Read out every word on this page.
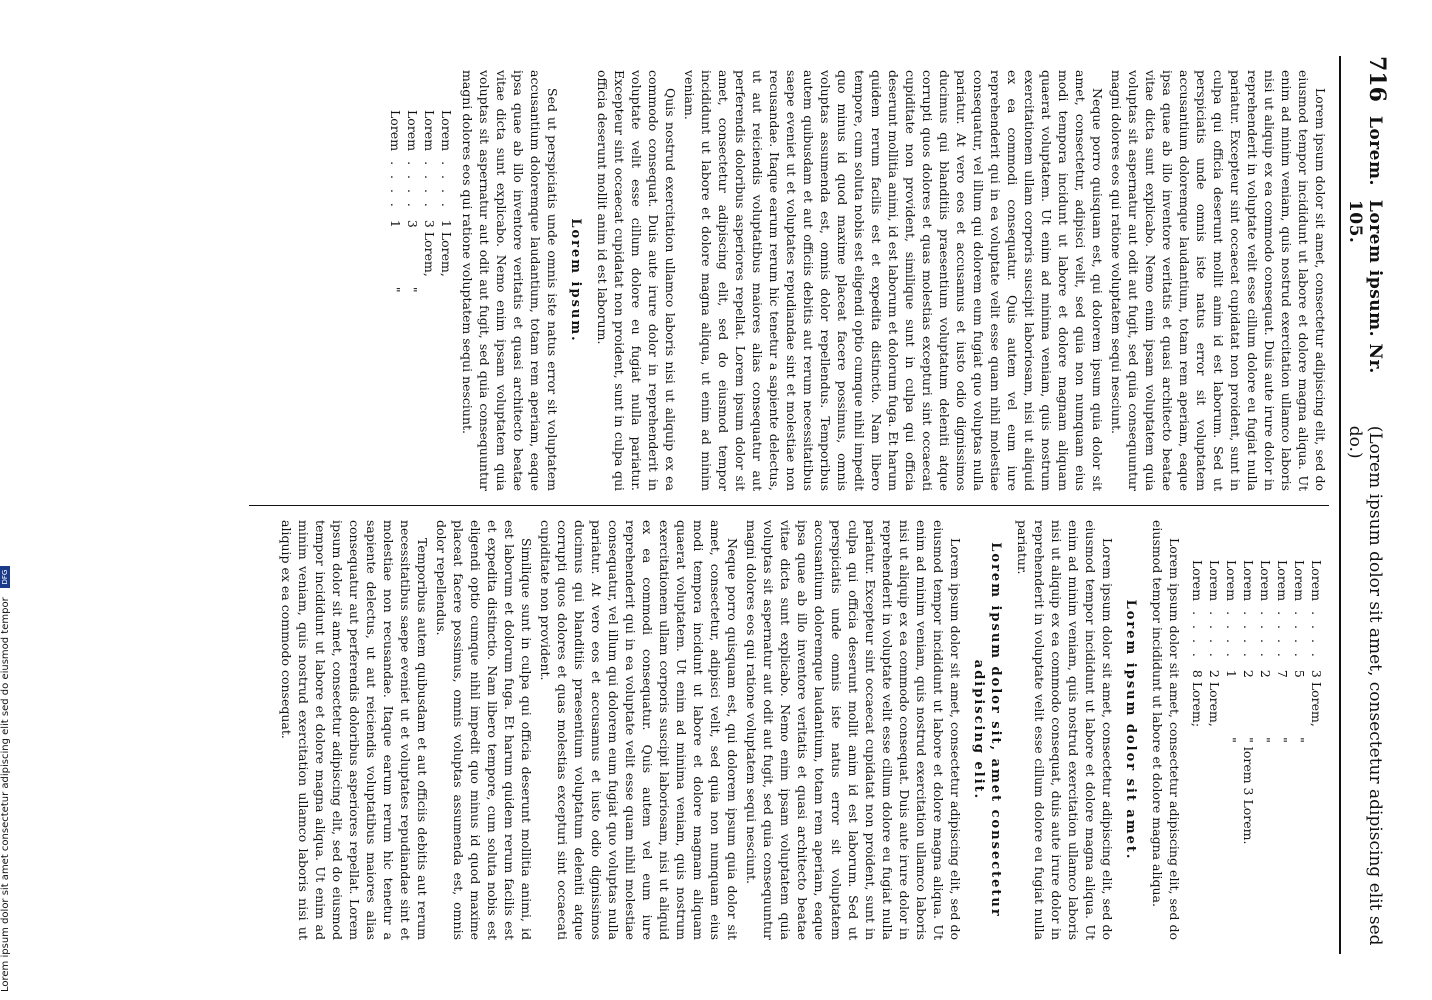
716
Lorem.
Lorem ipsum. Nr. 105.
(Lorem ipsum dolor sit amet, consectetur adipiscing elit sed do.)

Lorem ipsum dolor sit amet, consectetur adipiscing elit, sed do eiusmod tempor incididunt ut labore et dolore magna aliqua. Ut enim ad minim veniam, quis nostrud exercitation ullamco laboris nisi ut aliquip ex ea commodo consequat. Duis aute irure dolor in reprehenderit in voluptate velit esse cillum dolore eu fugiat nulla pariatur. Excepteur sint occaecat cupidatat non proident, sunt in culpa qui officia deserunt mollit anim id est laborum. Sed ut perspiciatis unde omnis iste natus error sit voluptatem accusantium doloremque laudantium, totam rem aperiam, eaque ipsa quae ab illo inventore veritatis et quasi architecto beatae vitae dicta sunt explicabo. Nemo enim ipsam voluptatem quia voluptas sit aspernatur aut odit aut fugit, sed quia consequuntur magni dolores eos qui ratione voluptatem sequi nesciunt.

Neque porro quisquam est, qui dolorem ipsum quia dolor sit amet, consectetur, adipisci velit, sed quia non numquam eius modi tempora incidunt ut labore et dolore magnam aliquam quaerat voluptatem. Ut enim ad minima veniam, quis nostrum exercitationem ullam corporis suscipit laboriosam, nisi ut aliquid ex ea commodi consequatur. Quis autem vel eum iure reprehenderit qui in ea voluptate velit esse quam nihil molestiae consequatur, vel illum qui dolorem eum fugiat quo voluptas nulla pariatur. At vero eos et accusamus et iusto odio dignissimos ducimus qui blanditiis praesentium voluptatum deleniti atque corrupti quos dolores et quas molestias excepturi sint occaecati cupiditate non provident, similique sunt in culpa qui officia deserunt mollitia animi, id est laborum et dolorum fuga. Et harum quidem rerum facilis est et expedita distinctio. Nam libero tempore, cum soluta nobis est eligendi optio cumque nihil impedit quo minus id quod maxime placeat facere possimus, omnis voluptas assumenda est, omnis dolor repellendus. Temporibus autem quibusdam et aut officiis debitis aut rerum necessitatibus saepe eveniet ut et voluptates repudiandae sint et molestiae non recusandae. Itaque earum rerum hic tenetur a sapiente delectus, ut aut reiciendis voluptatibus maiores alias consequatur aut perferendis doloribus asperiores repellat. Lorem ipsum dolor sit amet, consectetur adipiscing elit, sed do eiusmod tempor incididunt ut labore et dolore magna aliqua, ut enim ad minim veniam.

Quis nostrud exercitation ullamco laboris nisi ut aliquip ex ea commodo consequat. Duis aute irure dolor in reprehenderit in voluptate velit esse cillum dolore eu fugiat nulla pariatur. Excepteur sint occaecat cupidatat non proident, sunt in culpa qui officia deserunt mollit anim id est laborum.

Lorem ipsum.

Sed ut perspiciatis unde omnis iste natus error sit voluptatem accusantium doloremque laudantium, totam rem aperiam, eaque ipsa quae ab illo inventore veritatis et quasi architecto beatae vitae dicta sunt explicabo. Nemo enim ipsam voluptatem quia voluptas sit aspernatur aut odit aut fugit, sed quia consequuntur magni dolores eos qui ratione voluptatem sequi nesciunt.

Lorem	. . . .	1 Lorem,	
Lorem	. . . .	3 Lorem,	
Lorem	. . . .	3	"
Lorem	. . . .	1	"
Lorem	. . . .	3 Lorem,	
Lorem	. . . .	5	"
Lorem	. . . .	7	"
Lorem	. . . .	2	"
Lorem	. . . .	2	" lorem 3 Lorem.
Lorem	. . . .	1	"
Lorem	. . . .	2 Lorem,	
Lorem	. . . .	8 Lorem;	

Lorem ipsum dolor sit amet, consectetur adipiscing elit, sed do eiusmod tempor incididunt ut labore et dolore magna aliqua.

Lorem ipsum dolor sit amet.

Lorem ipsum dolor sit amet, consectetur adipiscing elit, sed do eiusmod tempor incididunt ut labore et dolore magna aliqua. Ut enim ad minim veniam, quis nostrud exercitation ullamco laboris nisi ut aliquip ex ea commodo consequat, duis aute irure dolor in reprehenderit in voluptate velit esse cillum dolore eu fugiat nulla pariatur.

Lorem ipsum dolor sit, amet consectetur adipiscing elit.

Lorem ipsum dolor sit amet, consectetur adipiscing elit, sed do eiusmod tempor incididunt ut labore et dolore magna aliqua. Ut enim ad minim veniam, quis nostrud exercitation ullamco laboris nisi ut aliquip ex ea commodo consequat. Duis aute irure dolor in reprehenderit in voluptate velit esse cillum dolore eu fugiat nulla pariatur. Excepteur sint occaecat cupidatat non proident, sunt in culpa qui officia deserunt mollit anim id est laborum. Sed ut perspiciatis unde omnis iste natus error sit voluptatem accusantium doloremque laudantium, totam rem aperiam, eaque ipsa quae ab illo inventore veritatis et quasi architecto beatae vitae dicta sunt explicabo. Nemo enim ipsam voluptatem quia voluptas sit aspernatur aut odit aut fugit, sed quia consequuntur magni dolores eos qui ratione voluptatem sequi nesciunt.

Neque porro quisquam est, qui dolorem ipsum quia dolor sit amet, consectetur, adipisci velit, sed quia non numquam eius modi tempora incidunt ut labore et dolore magnam aliquam quaerat voluptatem. Ut enim ad minima veniam, quis nostrum exercitationem ullam corporis suscipit laboriosam, nisi ut aliquid ex ea commodi consequatur. Quis autem vel eum iure reprehenderit qui in ea voluptate velit esse quam nihil molestiae consequatur, vel illum qui dolorem eum fugiat quo voluptas nulla pariatur. At vero eos et accusamus et iusto odio dignissimos ducimus qui blanditiis praesentium voluptatum deleniti atque corrupti quos dolores et quas molestias excepturi sint occaecati cupiditate non provident.

Similique sunt in culpa qui officia deserunt mollitia animi, id est laborum et dolorum fuga. Et harum quidem rerum facilis est et expedita distinctio. Nam libero tempore, cum soluta nobis est eligendi optio cumque nihil impedit quo minus id quod maxime placeat facere possimus, omnis voluptas assumenda est, omnis dolor repellendus.

Temporibus autem quibusdam et aut officiis debitis aut rerum necessitatibus saepe eveniet ut et voluptates repudiandae sint et molestiae non recusandae. Itaque earum rerum hic tenetur a sapiente delectus, ut aut reiciendis voluptatibus maiores alias consequatur aut perferendis doloribus asperiores repellat. Lorem ipsum dolor sit amet, consectetur adipiscing elit, sed do eiusmod tempor incididunt ut labore et dolore magna aliqua. Ut enim ad minim veniam, quis nostrud exercitation ullamco laboris nisi ut aliquip ex ea commodo consequat.

Lorem ipsum dolor sit amet consectetur adipiscing elit sed do eiusmod tempor DFG
